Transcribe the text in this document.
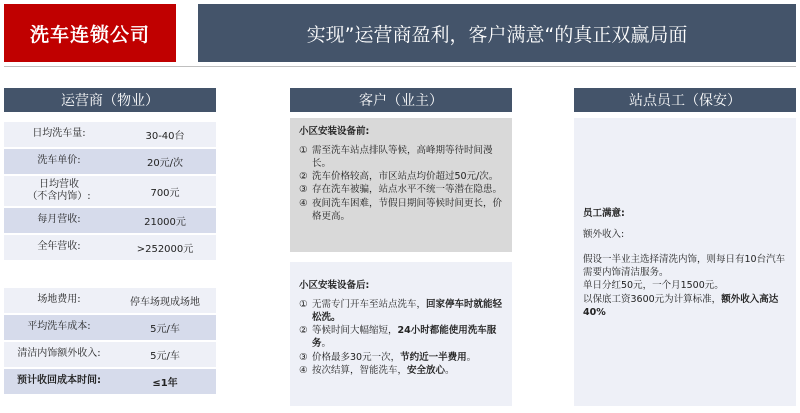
洗车连锁公司	实现”运营商盈利，客户满意“的真正双赢局面
运营商（物业）	客户（业主）	站点员工（保安）
日均洗车量:	30-40台
洗车单价:	20元/次
日均营收
（不含内饰）:	700元
每月营收:	21000元
全年营收:	>252000元
场地费用:	停车场现成场地
平均洗车成本:	5元/车
清洁内饰额外收入:	5元/车
预计收回成本时间:	≤1年
小区安装设备前:
① 需至洗车站点排队等候，高峰期等待时间漫长。
② 洗车价格较高，市区站点均价超过50元/次。
③ 存在洗车被骗，站点水平不统一等潜在隐患。
④ 夜间洗车困难，节假日期间等候时间更长，价格更高。
小区安装设备后:
① 无需专门开车至站点洗车，回家停车时就能轻松洗。
② 等候时间大幅缩短，24小时都能使用洗车服务。
③ 价格最多30元一次，节约近一半费用。
④ 按次结算，智能洗车，安全放心。
员工满意:

额外收入:

假设一半业主选择清洗内饰，则每日有10台汽车需要内饰清洁服务。

单日分红50元，一个月1500元。

以保底工资3600元为计算标准，额外收入高达40%
